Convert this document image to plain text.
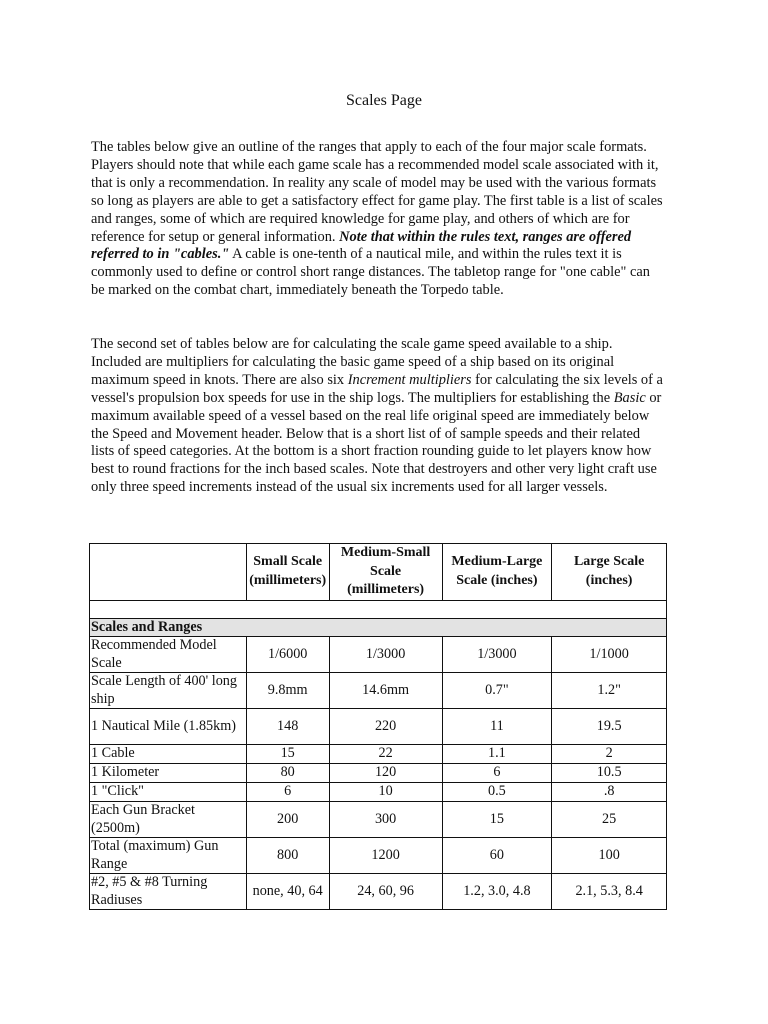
Scales Page

The tables below give an outline of the ranges that apply to each of the four major scale formats. Players should note that while each game scale has a recommended model scale associated with it, that is only a recommendation. In reality any scale of model may be used with the various formats so long as players are able to get a satisfactory effect for game play. The first table is a list of scales and ranges, some of which are required knowledge for game play, and others of which are for reference for setup or general information. Note that within the rules text, ranges are offered referred to in "cables." A cable is one-tenth of a nautical mile, and within the rules text it is commonly used to define or control short range distances. The tabletop range for "one cable" can be marked on the combat chart, immediately beneath the Torpedo table.

The second set of tables below are for calculating the scale game speed available to a ship. Included are multipliers for calculating the basic game speed of a ship based on its original maximum speed in knots. There are also six Increment multipliers for calculating the six levels of a vessel's propulsion box speeds for use in the ship logs. The multipliers for establishing the Basic or maximum available speed of a vessel based on the real life original speed are immediately below the Speed and Movement header. Below that is a short list of of sample speeds and their related lists of speed categories. At the bottom is a short fraction rounding guide to let players know how best to round fractions for the inch based scales. Note that destroyers and other very light craft use only three speed increments instead of the usual six increments used for all larger vessels.

	Small Scale (millimeters)	Medium-Small Scale (millimeters)	Medium-Large Scale (inches)	Large Scale (inches)

Scales and Ranges				
Recommended Model Scale	1/6000	1/3000	1/3000	1/1000
Scale Length of 400' long ship	9.8mm	14.6mm	0.7"	1.2"
1 Nautical Mile (1.85km)	148	220	11	19.5
1 Cable	15	22	1.1	2
1 Kilometer	80	120	6	10.5
1 "Click"	6	10	0.5	.8
Each Gun Bracket (2500m)	200	300	15	25
Total (maximum) Gun Range	800	1200	60	100
#2, #5 & #8 Turning Radiuses	none, 40, 64	24, 60, 96	1.2, 3.0, 4.8	2.1, 5.3, 8.4
